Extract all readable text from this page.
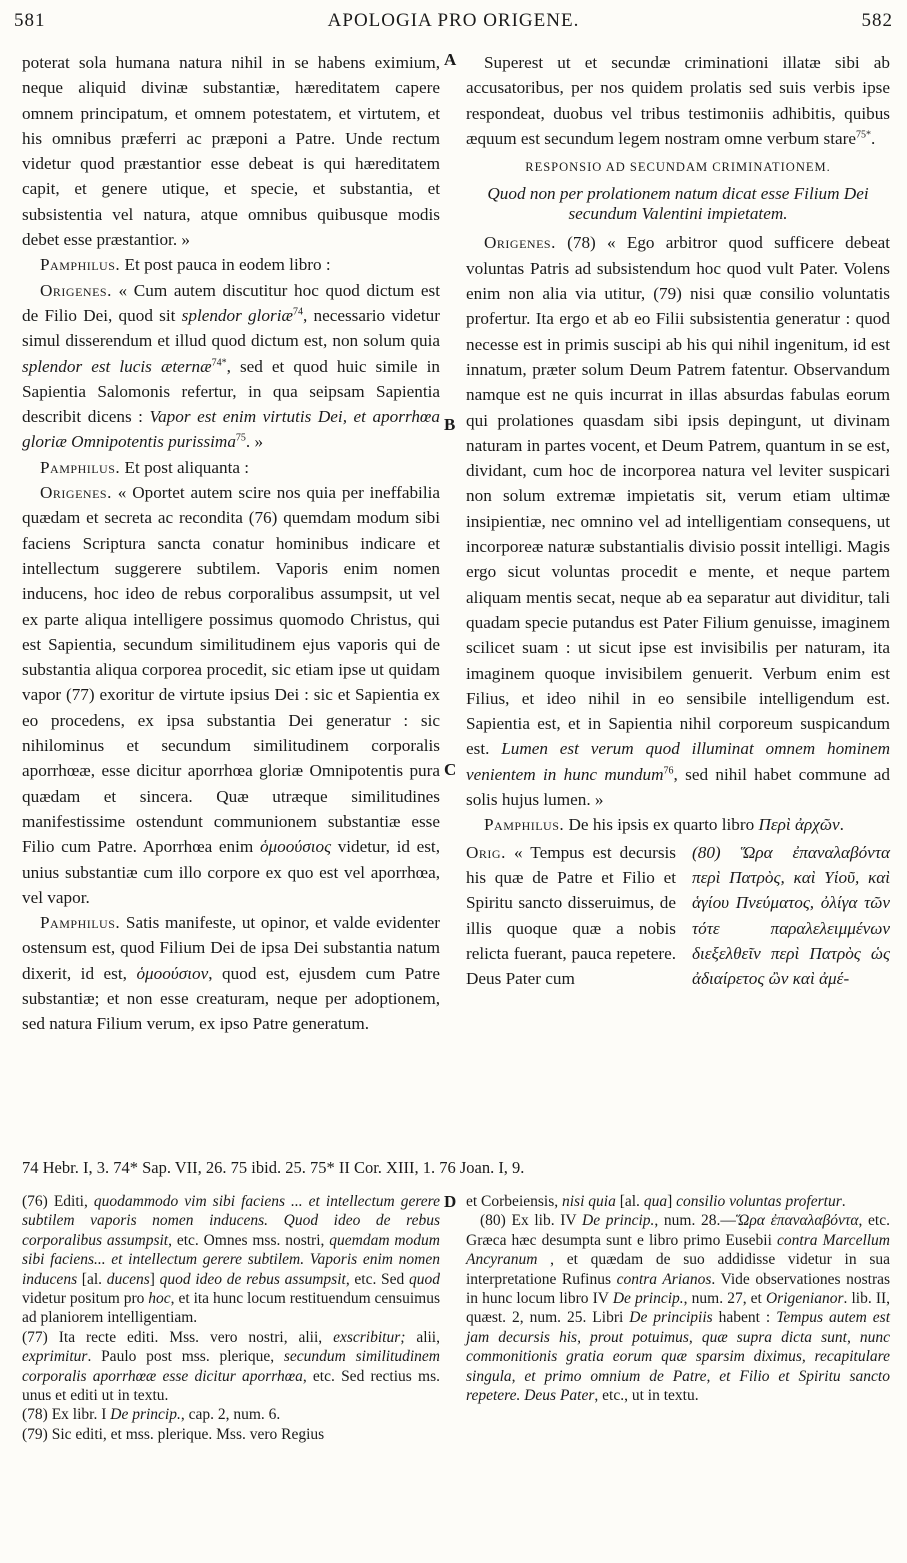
581	APOLOGIA PRO ORIGENE.	582
A
B
C
D

poterat sola humana natura nihil in se habens eximium, neque aliquid divinæ substantiæ, hæreditatem capere omnem principatum, et omnem potestatem, et virtutem, et his omnibus præferri ac præponi a Patre. Unde rectum videtur quod præstantior esse debeat is qui hæreditatem capit, et genere utique, et specie, et substantia, et subsistentia vel natura, atque omnibus quibusque modis debet esse præstantior. »

Pamphilus. Et post pauca in eodem libro :

Origenes. « Cum autem discutitur hoc quod dictum est de Filio Dei, quod sit splendor gloriæ$^{74}$, necessario videtur simul disserendum et illud quod dictum est, non solum quia splendor est lucis æternæ$^{74*}$, sed et quod huic simile in Sapientia Salomonis refertur, in qua seipsam Sapientia describit dicens : Vapor est enim virtutis Dei, et aporrhœa gloriæ Omnipotentis purissima$^{75}$. »

Pamphilus. Et post aliquanta :

Origenes. « Oportet autem scire nos quia per ineffabilia quædam et secreta ac recondita (76) quemdam modum sibi faciens Scriptura sancta conatur hominibus indicare et intellectum suggerere subtilem. Vaporis enim nomen inducens, hoc ideo de rebus corporalibus assumpsit, ut vel ex parte aliqua intelligere possimus quomodo Christus, qui est Sapientia, secundum similitudinem ejus vaporis qui de substantia aliqua corporea procedit, sic etiam ipse ut quidam vapor (77) exoritur de virtute ipsius Dei : sic et Sapientia ex eo procedens, ex ipsa substantia Dei generatur : sic nihilominus et secundum similitudinem corporalis aporrhœæ, esse dicitur aporrhœa gloriæ Omnipotentis pura quædam et sincera. Quæ utræque similitudines manifestissime ostendunt communionem substantiæ esse Filio cum Patre. Aporrhœa enim ὁμοούσιος videtur, id est, unius substantiæ cum illo corpore ex quo est vel aporrhœa, vel vapor.

Pamphilus. Satis manifeste, ut opinor, et valde evidenter ostensum est, quod Filium Dei de ipsa Dei substantia natum dixerit, id est, ὁμοούσιον, quod est, ejusdem cum Patre substantiæ; et non esse creaturam, neque per adoptionem, sed natura Filium verum, ex ipso Patre generatum.

Superest ut et secundæ criminationi illatæ sibi ab accusatoribus, per nos quidem prolatis sed suis verbis ipse respondeat, duobus vel tribus testimoniis adhibitis, quibus æquum est secundum legem nostram omne verbum stare$^{75*}$.

RESPONSIO AD SECUNDAM CRIMINATIONEM.

Quod non per prolationem natum dicat esse Filium Dei secundum Valentini impietatem.

Origenes. (78) « Ego arbitror quod sufficere debeat voluntas Patris ad subsistendum hoc quod vult Pater. Volens enim non alia via utitur, (79) nisi quæ consilio voluntatis profertur. Ita ergo et ab eo Filii subsistentia generatur : quod necesse est in primis suscipi ab his qui nihil ingenitum, id est innatum, præter solum Deum Patrem fatentur. Observandum namque est ne quis incurrat in illas absurdas fabulas eorum qui prolationes quasdam sibi ipsis depingunt, ut divinam naturam in partes vocent, et Deum Patrem, quantum in se est, dividant, cum hoc de incorporea natura vel leviter suspicari non solum extremæ impietatis sit, verum etiam ultimæ insipientiæ, nec omnino vel ad intelligentiam consequens, ut incorporeæ naturæ substantialis divisio possit intelligi. Magis ergo sicut voluntas procedit e mente, et neque partem aliquam mentis secat, neque ab ea separatur aut dividitur, tali quadam specie putandus est Pater Filium genuisse, imaginem scilicet suam : ut sicut ipse est invisibilis per naturam, ita imaginem quoque invisibilem genuerit. Verbum enim est Filius, et ideo nihil in eo sensibile intelligendum est. Sapientia est, et in Sapientia nihil corporeum suspicandum est. Lumen est verum quod illuminat omnem hominem venientem in hunc mundum$^{76}$, sed nihil habet commune ad solis hujus lumen. »

Pamphilus. De his ipsis ex quarto libro Περὶ ἀρχῶν.

Orig. « Tempus est decursis his quæ de Patre et Filio et Spiritu sancto disseruimus, de illis quoque quæ a nobis relicta fuerant, pauca repetere. Deus Pater cum
(80) Ὥρα ἐπαναλαβόντα περὶ Πατρὸς, καὶ Υἱοῦ, καὶ ἁγίου Πνεύματος, ὀλίγα τῶν τότε παραλελειμμένων διεξελθεῖν περὶ Πατρὸς ὡς ἀδιαίρετος ὢν καὶ ἀμέ-
74 Hebr. I, 3. 74* Sap. VII, 26. 75 ibid. 25. 75* II Cor. XIII, 1. 76 Joan. I, 9.

(76) Editi, quodammodo vim sibi faciens ... et intellectum gerere subtilem vaporis nomen inducens. Quod ideo de rebus corporalibus assumpsit, etc. Omnes mss. nostri, quemdam modum sibi faciens... et intellectum gerere subtilem. Vaporis enim nomen inducens [al. ducens] quod ideo de rebus assumpsit, etc. Sed quod videtur positum pro hoc, et ita hunc locum restituendum censuimus ad planiorem intelligentiam.

(77) Ita recte editi. Mss. vero nostri, alii, exscribitur; alii, exprimitur. Paulo post mss. plerique, secundum similitudinem corporalis aporrhœæ esse dicitur aporrhœa, etc. Sed rectius ms. unus et editi ut in textu.

(78) Ex libr. I De princip., cap. 2, num. 6.

(79) Sic editi, et mss. plerique. Mss. vero Regius

et Corbeiensis, nisi quia [al. qua] consilio voluntas profertur.

(80) Ex lib. IV De princip., num. 28.—Ὥρα ἐπαναλαβόντα, etc. Græca hæc desumpta sunt e libro primo Eusebii contra Marcellum Ancyranum , et quædam de suo addidisse videtur in sua interpretatione Rufinus contra Arianos. Vide observationes nostras in hunc locum libro IV De princip., num. 27, et Origenianor. lib. II, quæst. 2, num. 25. Libri De principiis habent : Tempus autem est jam decursis his, prout potuimus, quæ supra dicta sunt, nunc commonitionis gratia eorum quæ sparsim diximus, recapitulare singula, et primo omnium de Patre, et Filio et Spiritu sancto repetere. Deus Pater, etc., ut in textu.
